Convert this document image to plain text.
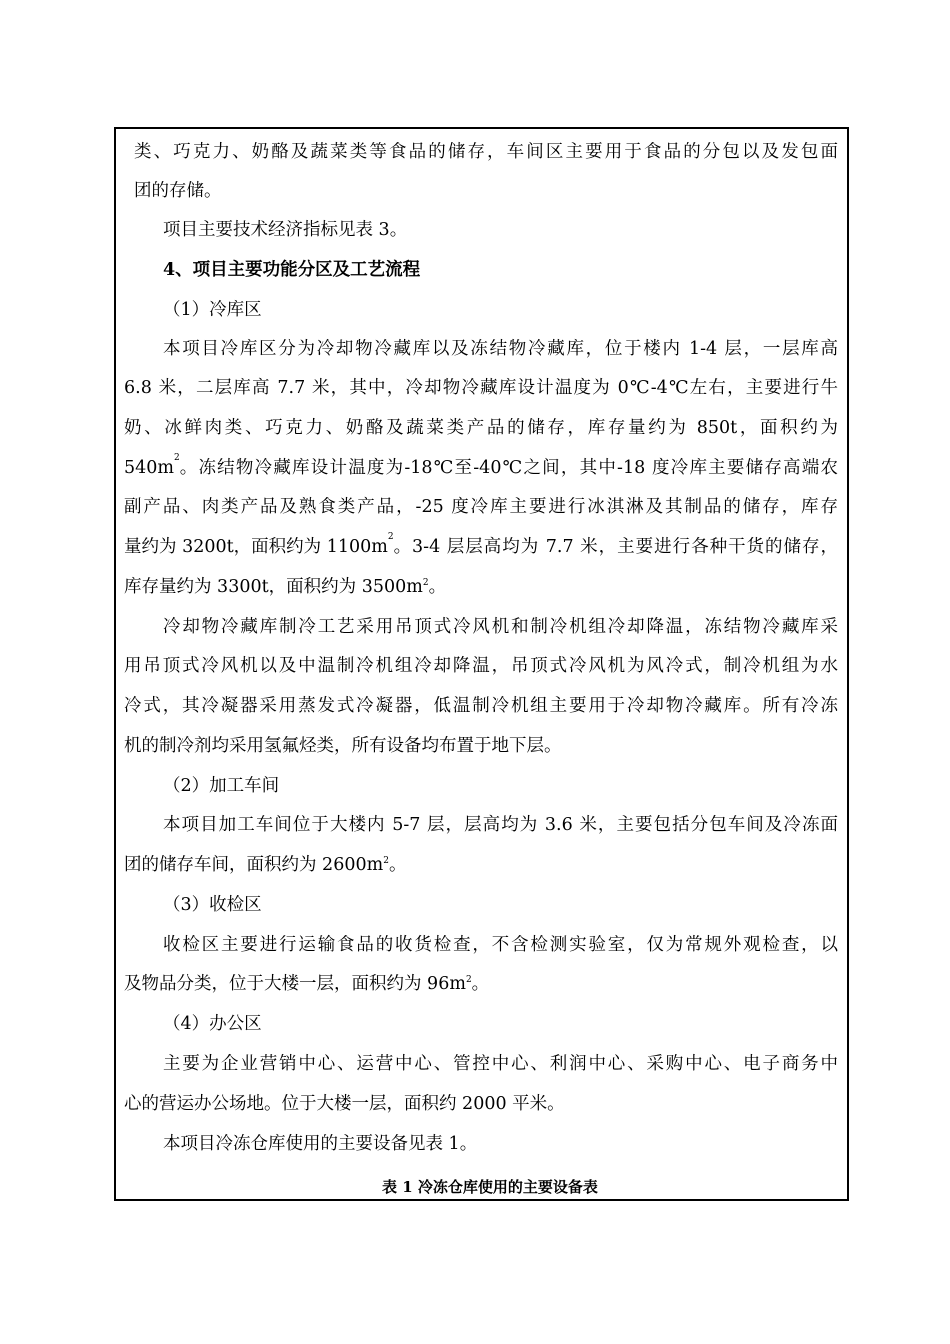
类、巧克力、奶酪及蔬菜类等食品的储存，车间区主要用于食品的分包以及发包面
团的存储。
项目主要技术经济指标见表 3。
4、项目主要功能分区及工艺流程
（1）冷库区
本项目冷库区分为冷却物冷藏库以及冻结物冷藏库，位于楼内 1-4 层，一层库高
6.8 米，二层库高 7.7 米，其中，冷却物冷藏库设计温度为 0℃-4℃左右，主要进行牛
奶、冰鲜肉类、巧克力、奶酪及蔬菜类产品的储存，库存量约为 850t，面积约为
540m 2 。冻结物冷藏库设计温度为-18℃至-40℃之间，其中-18 度冷库主要储存高端农
副产品、肉类产品及熟食类产品，-25 度冷库主要进行冰淇淋及其制品的储存，库存
量约为 3200t，面积约为 1100m 2 。3-4 层层高均为 7.7 米，主要进行各种干货的储存，
库存量约为 3300t，面积约为 $3500m^2$。
冷却物冷藏库制冷工艺采用吊顶式冷风机和制冷机组冷却降温，冻结物冷藏库采
用吊顶式冷风机以及中温制冷机组冷却降温，吊顶式冷风机为风冷式，制冷机组为水
冷式，其冷凝器采用蒸发式冷凝器，低温制冷机组主要用于冷却物冷藏库。所有冷冻
机的制冷剂均采用氢氟烃类，所有设备均布置于地下层。
（2）加工车间
本项目加工车间位于大楼内 5-7 层，层高均为 3.6 米，主要包括分包车间及冷冻面
团的储存车间，面积约为 $2600m^2$。
（3）收检区
收检区主要进行运输食品的收货检查，不含检测实验室，仅为常规外观检查，以
及物品分类，位于大楼一层，面积约为 $96m^2$。
（4）办公区
主要为企业营销中心、运营中心、管控中心、利润中心、采购中心、电子商务中
心的营运办公场地。位于大楼一层，面积约 2000 平米。
本项目冷冻仓库使用的主要设备见表 1。
表 1 冷冻仓库使用的主要设备表
